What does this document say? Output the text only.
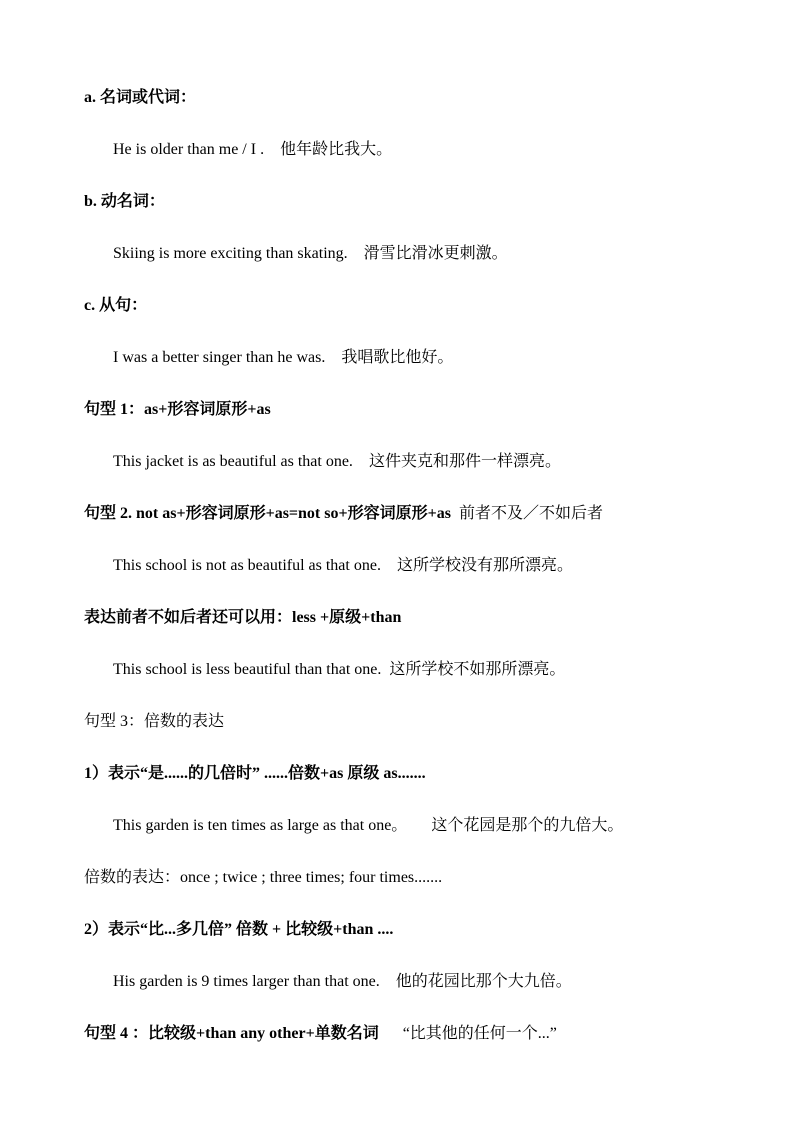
a. 名词或代词：
He is older than me / I . 他年龄比我大。
b. 动名词：
Skiing is more exciting than skating. 滑雪比滑冰更刺激。
c. 从句：
I was a better singer than he was. 我唱歌比他好。
句型 1：as+形容词原形+as
This jacket is as beautiful as that one. 这件夹克和那件一样漂亮。
句型 2. not as+形容词原形+as=not so+形容词原形+as 前者不及／不如后者
This school is not as beautiful as that one. 这所学校没有那所漂亮。
表达前者不如后者还可以用：less +原级+than
This school is less beautiful than that one. 这所学校不如那所漂亮。
句型 3：倍数的表达
1）表示“是......的几倍时” ......倍数+as 原级 as.......
This garden is ten times as large as that one。 这个花园是那个的九倍大。
倍数的表达：once ; twice ; three times; four times.......
2）表示“比...多几倍” 倍数 + 比较级+than ....
His garden is 9 times larger than that one. 他的花园比那个大九倍。
句型 4 ：比较级+than any other+单数名词 “比其他的任何一个...”
